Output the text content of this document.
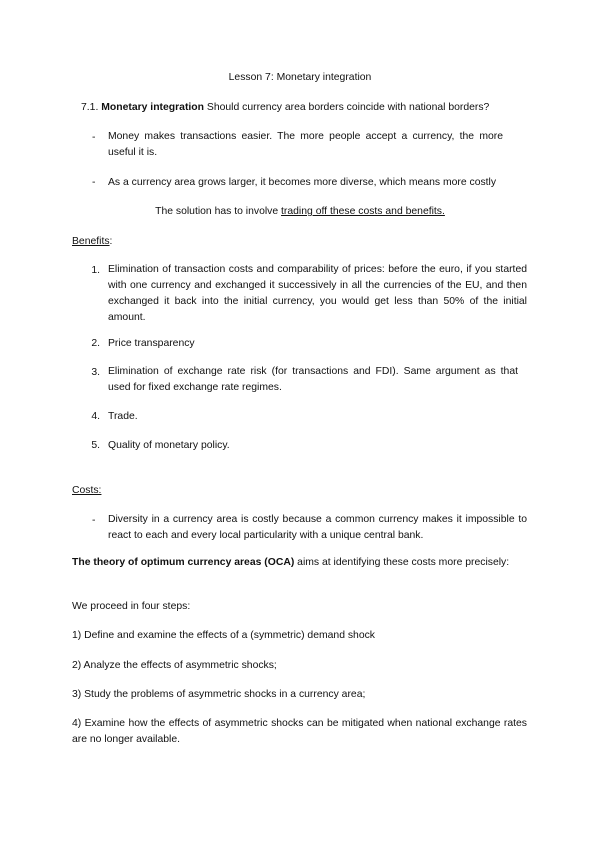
Lesson 7: Monetary integration
7.1. Monetary integration Should currency area borders coincide with national borders?
- Money makes transactions easier. The more people accept a currency, the more useful it is.
- As a currency area grows larger, it becomes more diverse, which means more costly
The solution has to involve trading off these costs and benefits.
Benefits:
1. Elimination of transaction costs and comparability of prices: before the euro, if you started with one currency and exchanged it successively in all the currencies of the EU, and then exchanged it back into the initial currency, you would get less than 50% of the initial amount.
2. Price transparency
3. Elimination of exchange rate risk (for transactions and FDI). Same argument as that used for fixed exchange rate regimes.
4. Trade.
5. Quality of monetary policy.
Costs:
- Diversity in a currency area is costly because a common currency makes it impossible to react to each and every local particularity with a unique central bank.
The theory of optimum currency areas (OCA) aims at identifying these costs more precisely:
We proceed in four steps:
1) Define and examine the effects of a (symmetric) demand shock
2) Analyze the effects of asymmetric shocks;
3) Study the problems of asymmetric shocks in a currency area;
4) Examine how the effects of asymmetric shocks can be mitigated when national exchange rates are no longer available.
